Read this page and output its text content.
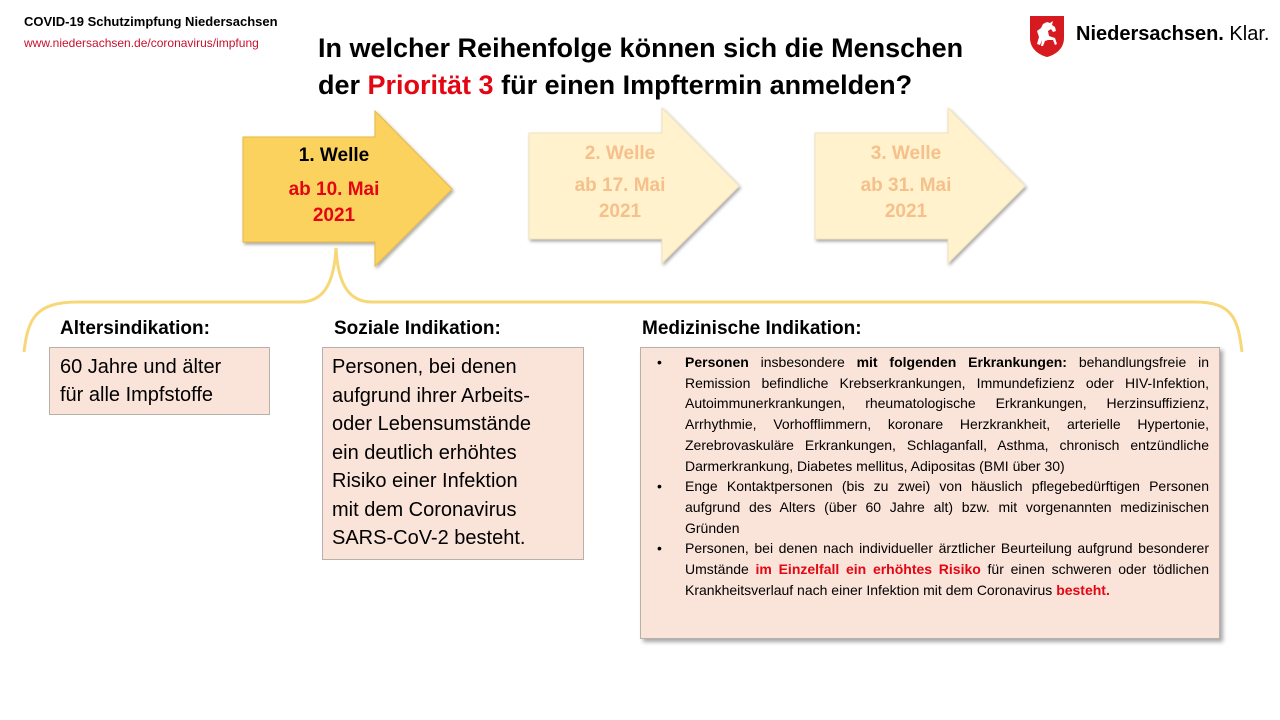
COVID-19 Schutzimpfung Niedersachsen
www.niedersachsen.de/coronavirus/impfung In welcher Reihenfolge können sich die Menschen
der Priorität 3 für einen Impftermin anmelden?
Niedersachsen. Klar.
1. Welle
ab 10. Mai
2021
2. Welle
ab 17. Mai
2021
3. Welle
ab 31. Mai
2021
Altersindikation:	Soziale Indikation:	Medizinische Indikation:
60 Jahre und älter
für alle Impfstoffe
Personen, bei denen
aufgrund ihrer Arbeits-
oder Lebensumstände
ein deutlich erhöhtes
Risiko einer Infektion
mit dem Coronavirus
SARS-CoV-2 besteht.
• Personen insbesondere mit folgenden Erkrankungen: behandlungsfreie in Remission befindliche Krebserkrankungen, Immundefizienz oder HIV-Infektion, Autoimmunerkrankungen, rheumatologische Erkrankungen, Herzinsuffizienz, Arrhythmie, Vorhofflimmern, koronare Herzkrankheit, arterielle Hypertonie, Zerebrovaskuläre Erkrankungen, Schlaganfall, Asthma, chronisch entzündliche Darmerkrankung, Diabetes mellitus, Adipositas (BMI über 30)
• Enge Kontaktpersonen (bis zu zwei) von häuslich pflegebedürftigen Personen aufgrund des Alters (über 60 Jahre alt) bzw. mit vorgenannten medizinischen Gründen
• Personen, bei denen nach individueller ärztlicher Beurteilung aufgrund besonderer Umstände im Einzelfall ein erhöhtes Risiko für einen schweren oder tödlichen Krankheitsverlauf nach einer Infektion mit dem Coronavirus besteht.
